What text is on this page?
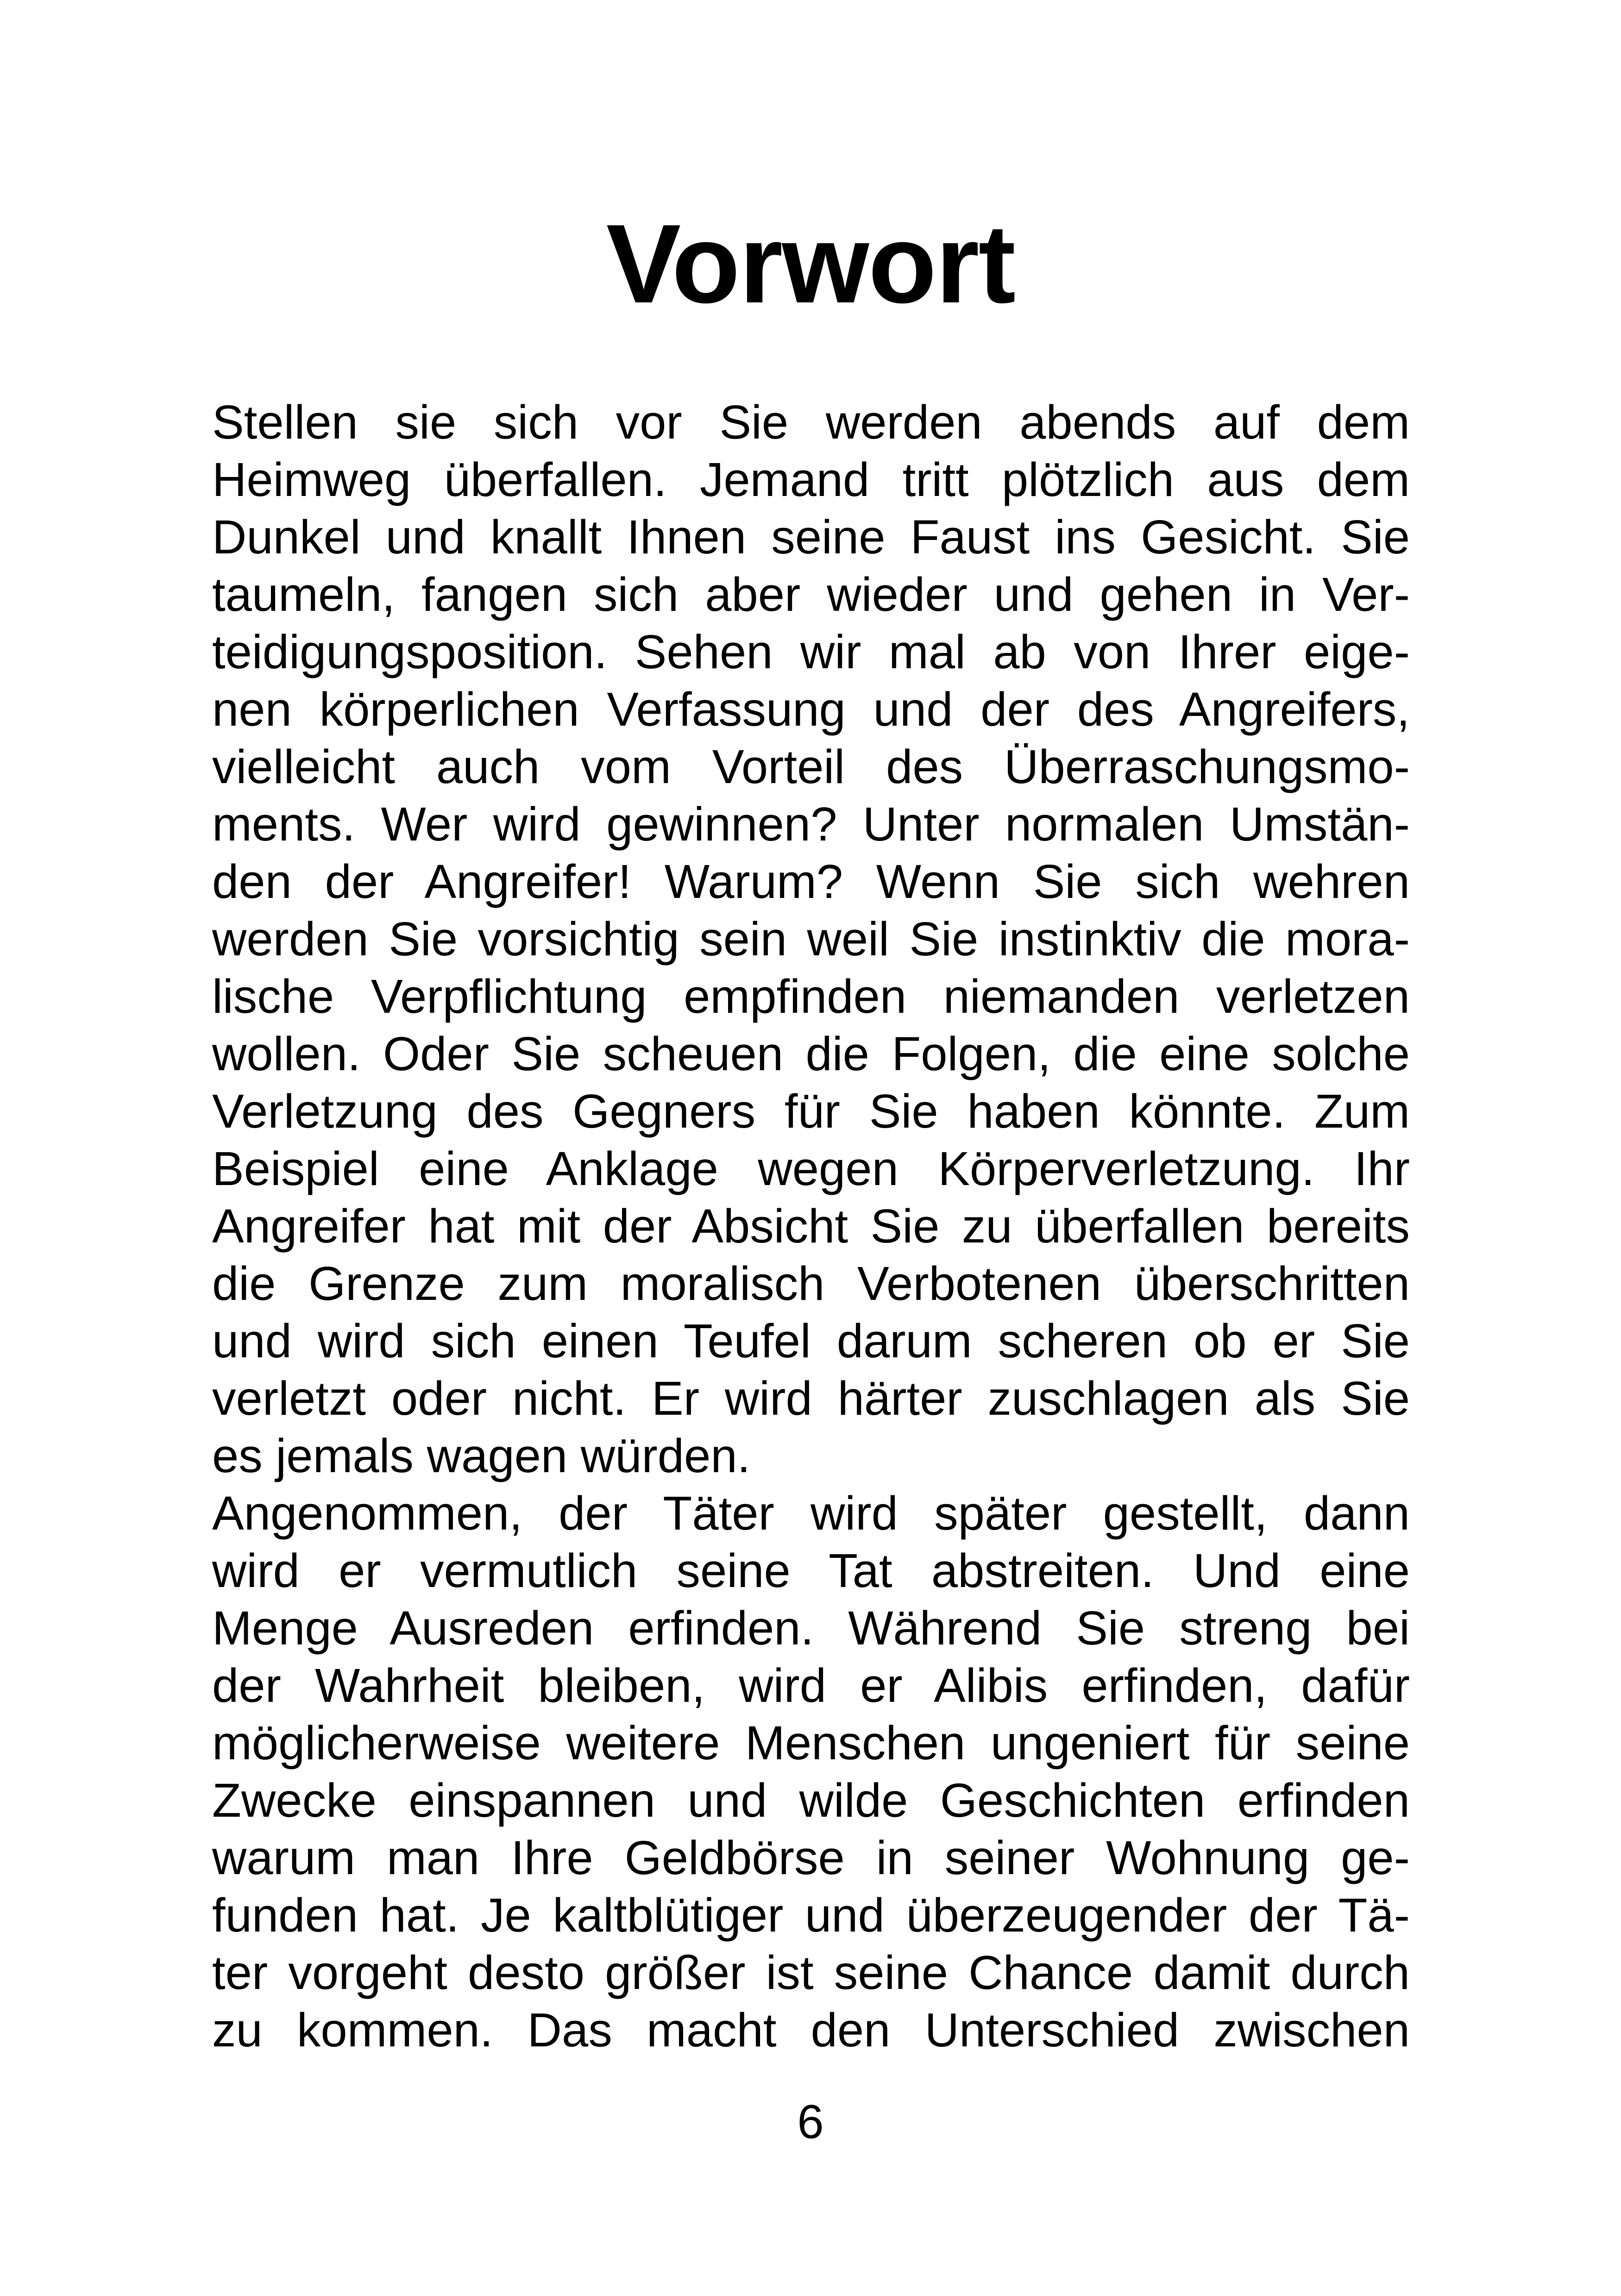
Vorwort
Stellen sie sich vor Sie werden abends auf dem
Heimweg überfallen. Jemand tritt plötzlich aus dem
Dunkel und knallt Ihnen seine Faust ins Gesicht. Sie
taumeln, fangen sich aber wieder und gehen in Ver-
teidigungsposition. Sehen wir mal ab von Ihrer eige-
nen körperlichen Verfassung und der des Angreifers,
vielleicht auch vom Vorteil des Überraschungsmo-
ments. Wer wird gewinnen? Unter normalen Umstän-
den der Angreifer! Warum? Wenn Sie sich wehren
werden Sie vorsichtig sein weil Sie instinktiv die mora-
lische Verpflichtung empfinden niemanden verletzen
wollen. Oder Sie scheuen die Folgen, die eine solche
Verletzung des Gegners für Sie haben könnte. Zum
Beispiel eine Anklage wegen Körperverletzung. Ihr
Angreifer hat mit der Absicht Sie zu überfallen bereits
die Grenze zum moralisch Verbotenen überschritten
und wird sich einen Teufel darum scheren ob er Sie
verletzt oder nicht. Er wird härter zuschlagen als Sie
es jemals wagen würden.
Angenommen, der Täter wird später gestellt, dann
wird er vermutlich seine Tat abstreiten. Und eine
Menge Ausreden erfinden. Während Sie streng bei
der Wahrheit bleiben, wird er Alibis erfinden, dafür
möglicherweise weitere Menschen ungeniert für seine
Zwecke einspannen und wilde Geschichten erfinden
warum man Ihre Geldbörse in seiner Wohnung ge-
funden hat. Je kaltblütiger und überzeugender der Tä-
ter vorgeht desto größer ist seine Chance damit durch
zu kommen. Das macht den Unterschied zwischen
6
